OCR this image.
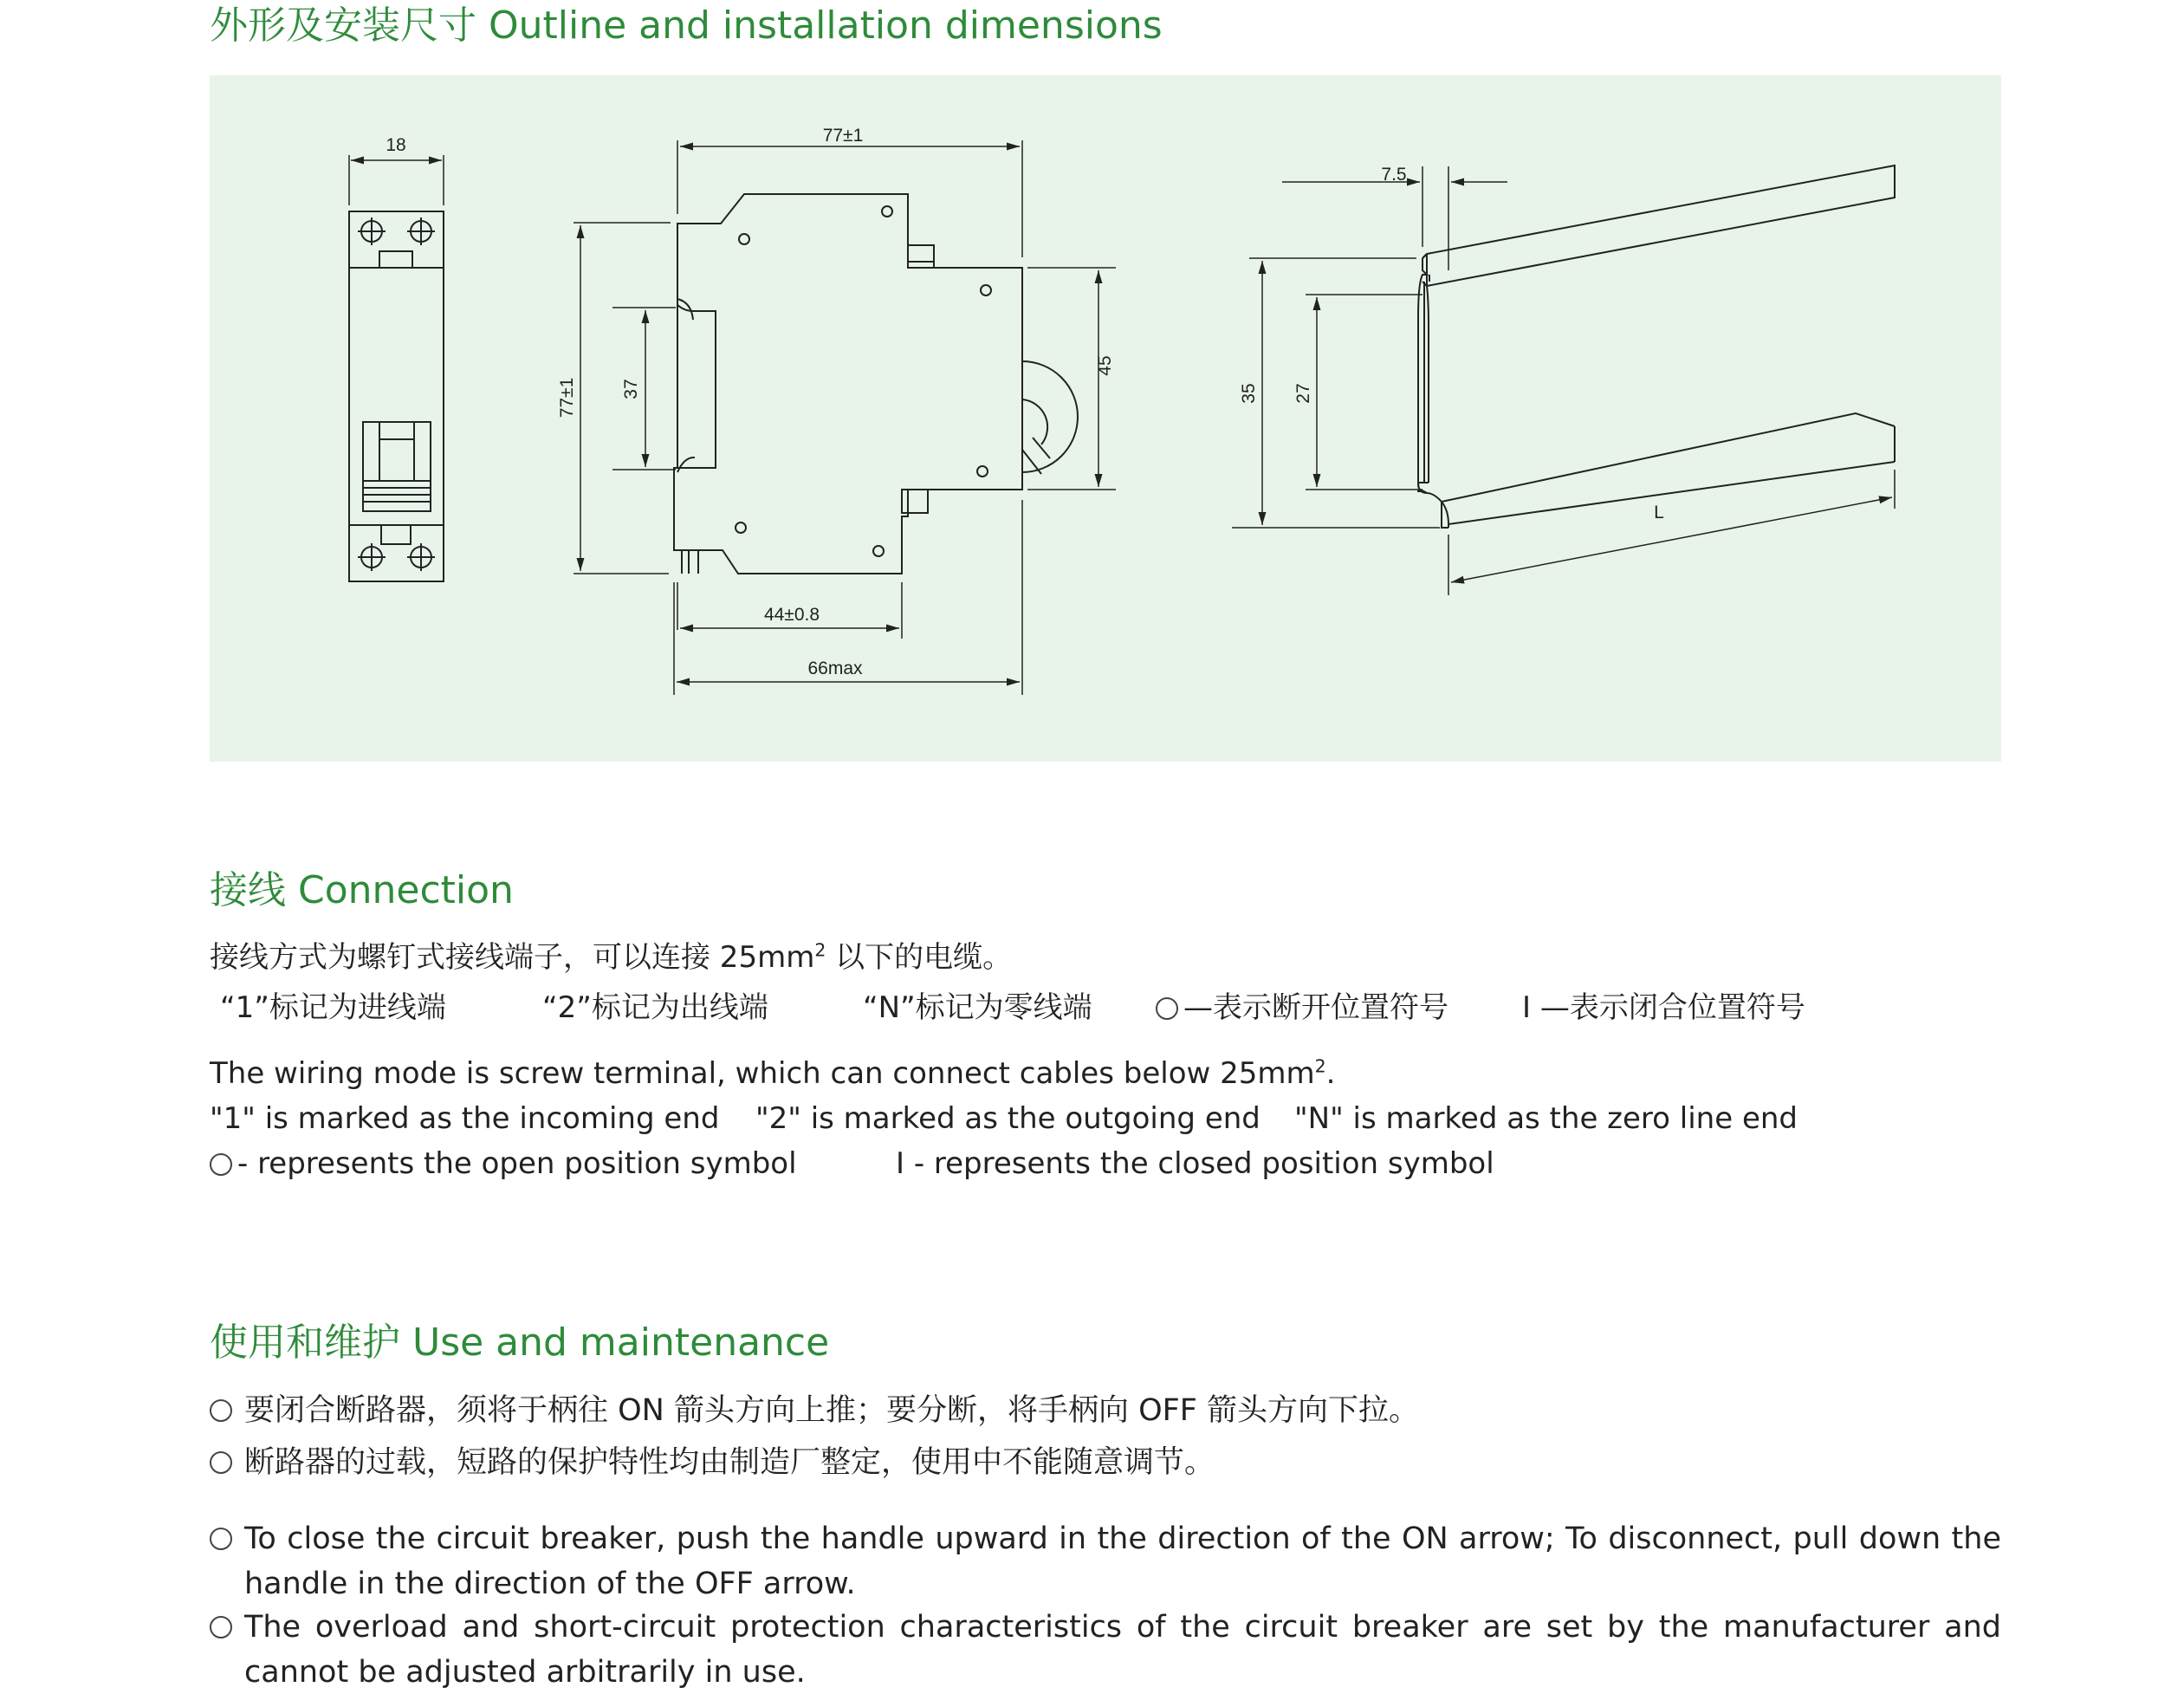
外形及安装尺寸 Outline and installation dimensions
18	77±1
77±1 37
45
44±0.8
66max
7.5
35 27
L
接线 Connection
接线方式为螺钉式接线端子，可以连接 $25mm^2$ 以下的电缆。
“1”标记为进线端	“2”标记为出线端	“N”标记为零线端	—表示断开位置符号	I —表示闭合位置符号
The wiring mode is screw terminal, which can connect cables below $25mm^2$.
"1" is marked as the incoming end "2" is marked as the outgoing end "N" is marked as the zero line end
- represents the open position symbol	I - represents the closed position symbol
使用和维护 Use and maintenance
要闭合断路器，须将于柄往 ON 箭头方向上推；要分断，将手柄向 OFF 箭头方向下拉。
断路器的过载，短路的保护特性均由制造厂整定，使用中不能随意调节。
To close the circuit breaker, push the handle upward in the direction of the ON arrow; To disconnect, pull down the handle in the direction of the OFF arrow.
The overload and short-circuit protection characteristics of the circuit breaker are set by the manufacturer and cannot be adjusted arbitrarily in use.
